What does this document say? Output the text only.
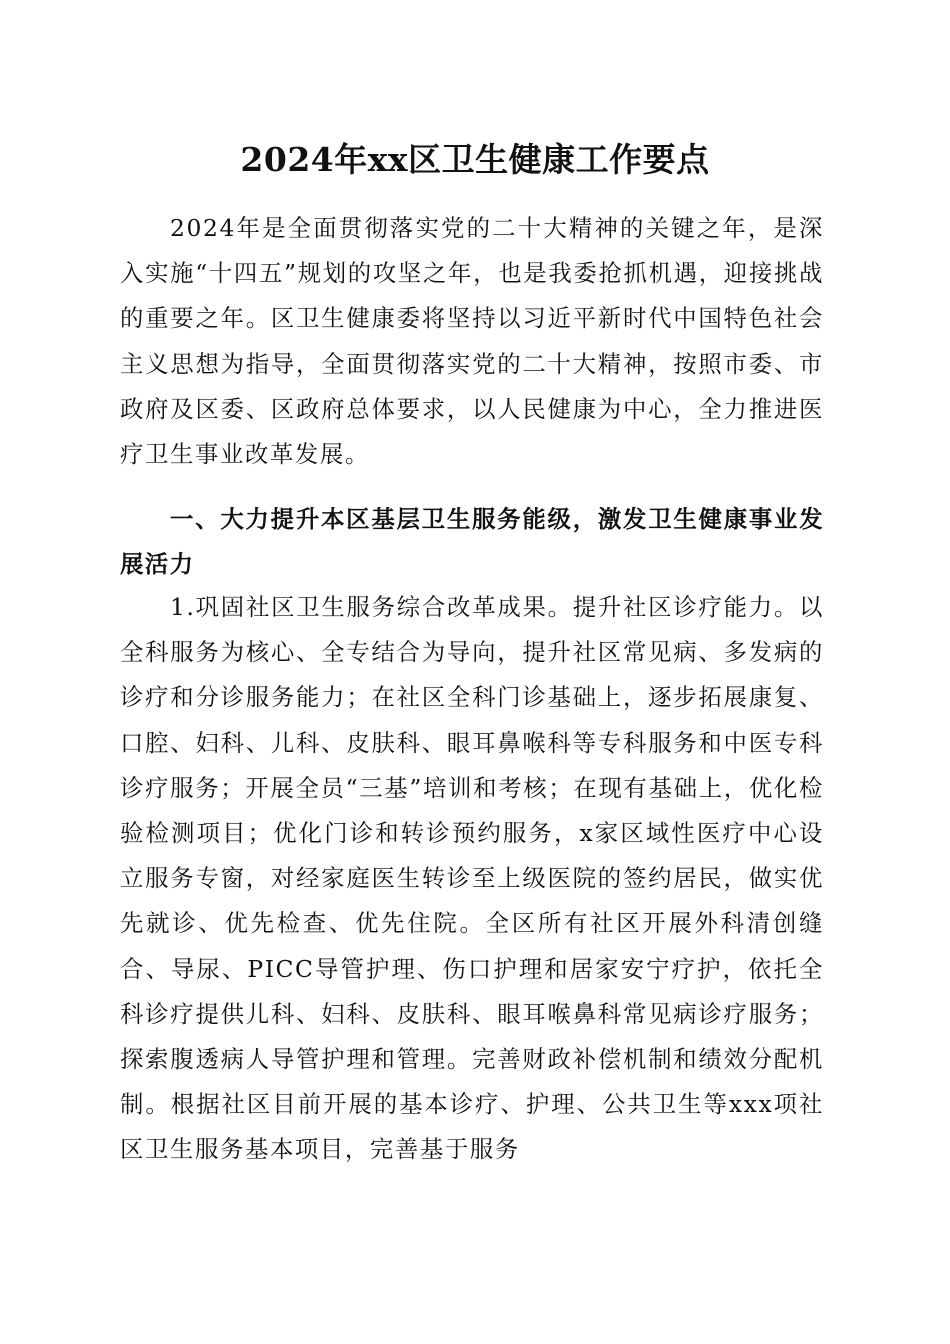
2024年xx区卫生健康工作要点

2024年是全面贯彻落实党的二十大精神的关键之年，是深入实施“十四五”规划的攻坚之年，也是我委抢抓机遇，迎接挑战的重要之年。区卫生健康委将坚持以习近平新时代中国特色社会主义思想为指导，全面贯彻落实党的二十大精神，按照市委、市政府及区委、区政府总体要求，以人民健康为中心，全力推进医疗卫生事业改革发展。

一、大力提升本区基层卫生服务能级，激发卫生健康事业发展活力

1.巩固社区卫生服务综合改革成果。提升社区诊疗能力。以全科服务为核心、全专结合为导向，提升社区常见病、多发病的诊疗和分诊服务能力；在社区全科门诊基础上，逐步拓展康复、口腔、妇科、儿科、皮肤科、眼耳鼻喉科等专科服务和中医专科诊疗服务；开展全员“三基”培训和考核；在现有基础上，优化检验检测项目；优化门诊和转诊预约服务，x家区域性医疗中心设立服务专窗，对经家庭医生转诊至上级医院的签约居民，做实优先就诊、优先检查、优先住院。全区所有社区开展外科清创缝合、导尿、PICC导管护理、伤口护理和居家安宁疗护，依托全科诊疗提供儿科、妇科、皮肤科、眼耳喉鼻科常见病诊疗服务；探索腹透病人导管护理和管理。完善财政补偿机制和绩效分配机制。根据社区目前开展的基本诊疗、护理、公共卫生等xxx项社区卫生服务基本项目，完善基于服务
